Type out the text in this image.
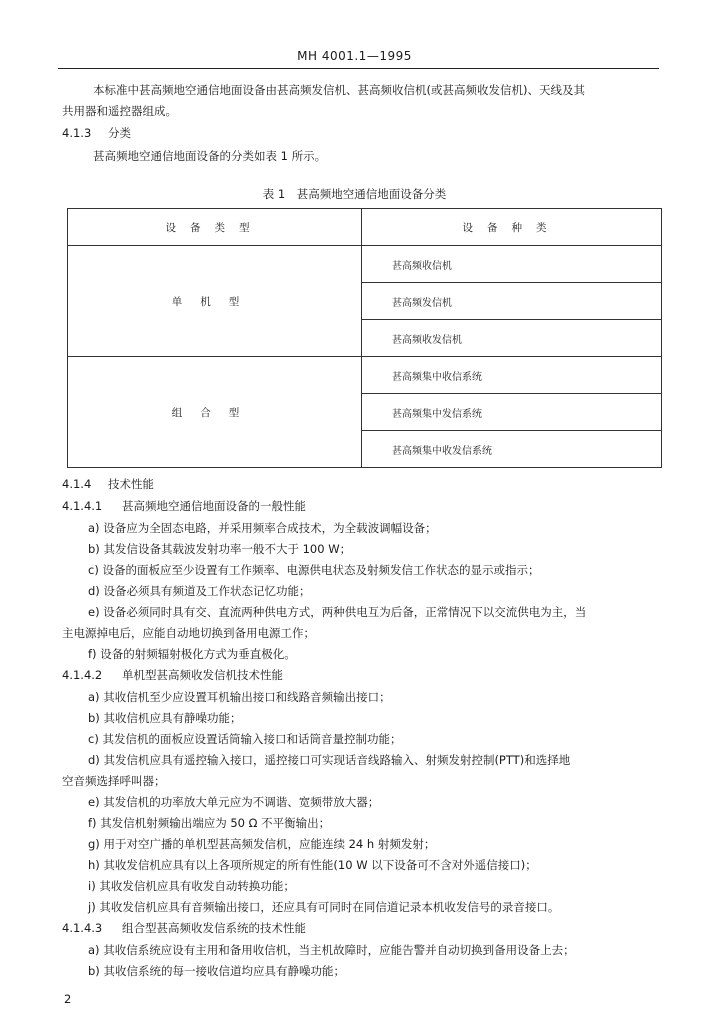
MH 4001.1—1995
本标准中甚高频地空通信地面设备由甚高频发信机、甚高频收信机(或甚高频收发信机)、天线及其
共用器和遥控器组成。
4.1.3 分类
甚高频地空通信地面设备的分类如表 1 所示。
表 1　甚高频地空通信地面设备分类
设备类型	设备种类
单机型	甚高频收信机
	甚高频发信机
	甚高频收发信机
组合型	甚高频集中收信系统
	甚高频集中发信系统
	甚高频集中收发信系统
4.1.4 技术性能
4.1.4.1 甚高频地空通信地面设备的一般性能
a) 设备应为全固态电路，并采用频率合成技术，为全载波调幅设备；
b) 其发信设备其载波发射功率一般不大于 100 W；
c) 设备的面板应至少设置有工作频率、电源供电状态及射频发信工作状态的显示或指示；
d) 设备必须具有频道及工作状态记忆功能；
e) 设备必须同时具有交、直流两种供电方式，两种供电互为后备，正常情况下以交流供电为主，当
主电源掉电后，应能自动地切换到备用电源工作；
f) 设备的射频辐射极化方式为垂直极化。
4.1.4.2 单机型甚高频收发信机技术性能
a) 其收信机至少应设置耳机输出接口和线路音频输出接口；
b) 其收信机应具有静噪功能；
c) 其发信机的面板应设置话筒输入接口和话筒音量控制功能；
d) 其发信机应具有遥控输入接口，遥控接口可实现话音线路输入、射频发射控制(PTT)和选择地
空音频选择呼叫器；
e) 其发信机的功率放大单元应为不调谐、宽频带放大器；
f) 其发信机射频输出端应为 50 Ω 不平衡输出；
g) 用于对空广播的单机型甚高频发信机，应能连续 24 h 射频发射；
h) 其收发信机应具有以上各项所规定的所有性能(10 W 以下设备可不含对外遥信接口)；
i) 其收发信机应具有收发自动转换功能；
j) 其收发信机应具有音频输出接口，还应具有可同时在同信道记录本机收发信号的录音接口。
4.1.4.3 组合型甚高频收发信系统的技术性能
a) 其收信系统应设有主用和备用收信机，当主机故障时，应能告警并自动切换到备用设备上去；
b) 其收信系统的每一接收信道均应具有静噪功能；
2
